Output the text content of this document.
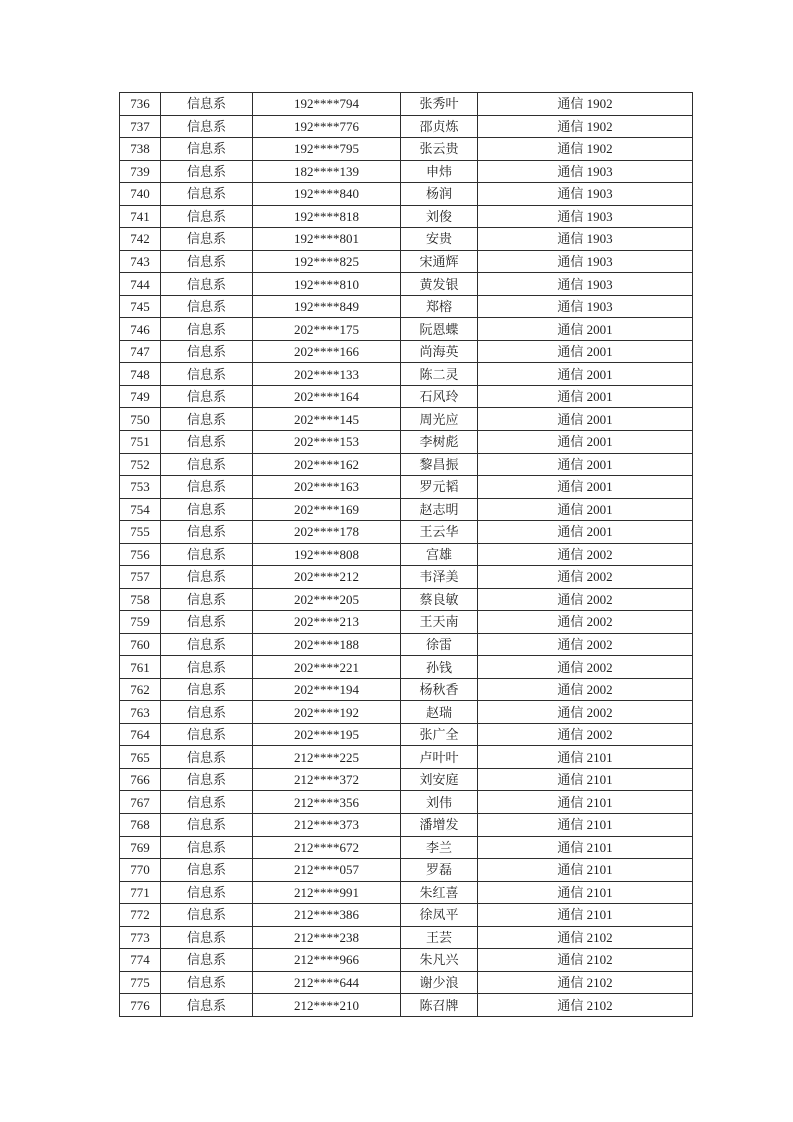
736	信息系	192****794	张秀叶	通信 1902
737	信息系	192****776	邵贞炼	通信 1902
738	信息系	192****795	张云贵	通信 1902
739	信息系	182****139	申炜	通信 1903
740	信息系	192****840	杨润	通信 1903
741	信息系	192****818	刘俊	通信 1903
742	信息系	192****801	安贵	通信 1903
743	信息系	192****825	宋通辉	通信 1903
744	信息系	192****810	黄发银	通信 1903
745	信息系	192****849	郑榕	通信 1903
746	信息系	202****175	阮恩蝶	通信 2001
747	信息系	202****166	尚海英	通信 2001
748	信息系	202****133	陈二灵	通信 2001
749	信息系	202****164	石风玲	通信 2001
750	信息系	202****145	周光应	通信 2001
751	信息系	202****153	李树彪	通信 2001
752	信息系	202****162	黎昌振	通信 2001
753	信息系	202****163	罗元韬	通信 2001
754	信息系	202****169	赵志明	通信 2001
755	信息系	202****178	王云华	通信 2001
756	信息系	192****808	宫雄	通信 2002
757	信息系	202****212	韦泽美	通信 2002
758	信息系	202****205	蔡良敏	通信 2002
759	信息系	202****213	王天南	通信 2002
760	信息系	202****188	徐雷	通信 2002
761	信息系	202****221	孙钱	通信 2002
762	信息系	202****194	杨秋香	通信 2002
763	信息系	202****192	赵瑞	通信 2002
764	信息系	202****195	张广全	通信 2002
765	信息系	212****225	卢叶叶	通信 2101
766	信息系	212****372	刘安庭	通信 2101
767	信息系	212****356	刘伟	通信 2101
768	信息系	212****373	潘增发	通信 2101
769	信息系	212****672	李兰	通信 2101
770	信息系	212****057	罗磊	通信 2101
771	信息系	212****991	朱红喜	通信 2101
772	信息系	212****386	徐凤平	通信 2101
773	信息系	212****238	王芸	通信 2102
774	信息系	212****966	朱凡兴	通信 2102
775	信息系	212****644	谢少浪	通信 2102
776	信息系	212****210	陈召牌	通信 2102
